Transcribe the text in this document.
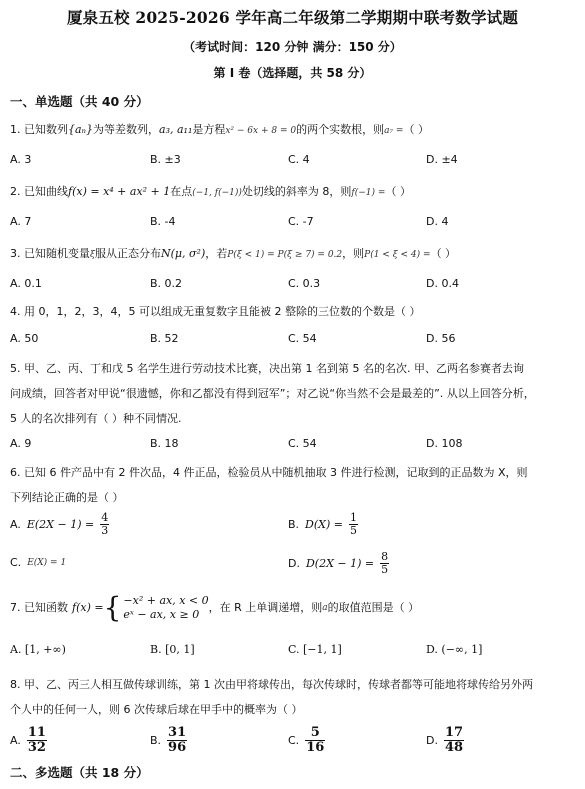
厦泉五校 2025-2026 学年高二年级第二学期期中联考数学试题
（考试时间：120 分钟 满分：150 分）
第 I 卷（选择题，共 58 分）
一、单选题（共 40 分）
1. 已知数列{aₙ}为等差数列，a₃, a₁₁是方程x² − 6x + 8 = 0的两个实数根，则a₇ =（ ）
A. 3	B. ±3	C. 4	D. ±4
2. 已知曲线f(x) = x⁴ + ax² + 1在点(−1, f(−1))处切线的斜率为 8，则f(−1) =（ ）
A. 7	B. -4	C. -7	D. 4
3. 已知随机变量ξ服从正态分布N(μ, σ²)，若P(ξ < 1) = P(ξ ≥ 7) = 0.2，则P(1 < ξ < 4) =（ ）
A. 0.1	B. 0.2	C. 0.3	D. 0.4
4. 用 0，1，2，3，4，5 可以组成无重复数字且能被 2 整除的三位数的个数是（ ）
A. 50	B. 52	C. 54	D. 56
5. 甲、乙、丙、丁和戊 5 名学生进行劳动技术比赛，决出第 1 名到第 5 名的名次. 甲、乙两名参赛者去询
问成绩，回答者对甲说“很遗憾，你和乙都没有得到冠军”；对乙说“你当然不会是最差的”. 从以上回答分析，
5 人的名次排列有（ ）种不同情况.
A. 9	B. 18	C. 54	D. 108
6. 已知 6 件产品中有 2 件次品，4 件正品，检验员从中随机抽取 3 件进行检测，记取到的正品数为 X，则
下列结论正确的是（ ）
A. $E(2X - 1) = \frac{4}{3}$	B. $D(X) = \frac{1}{5}$
C. E(X) = 1	D. $D(2X - 1) = \frac{8}{5}$
7. 已知函数 f(x) = { −x² + ax, x < 0
eˣ − ax, x ≥ 0
，在 R 上单调递增，则 a 的取值范围是（ ）
A. [1, +∞)	B. [0, 1]	C. [−1, 1]	D. (−∞, 1]
8. 甲、乙、丙三人相互做传球训练，第 1 次由甲将球传出，每次传球时，传球者都等可能地将球传给另外两
个人中的任何一人，则 6 次传球后球在甲手中的概率为（ ）
A. $\frac{11}{32}$	B. $\frac{31}{96}$	C. $\frac{5}{16}$	D. $\frac{17}{48}$
二、多选题（共 18 分）
